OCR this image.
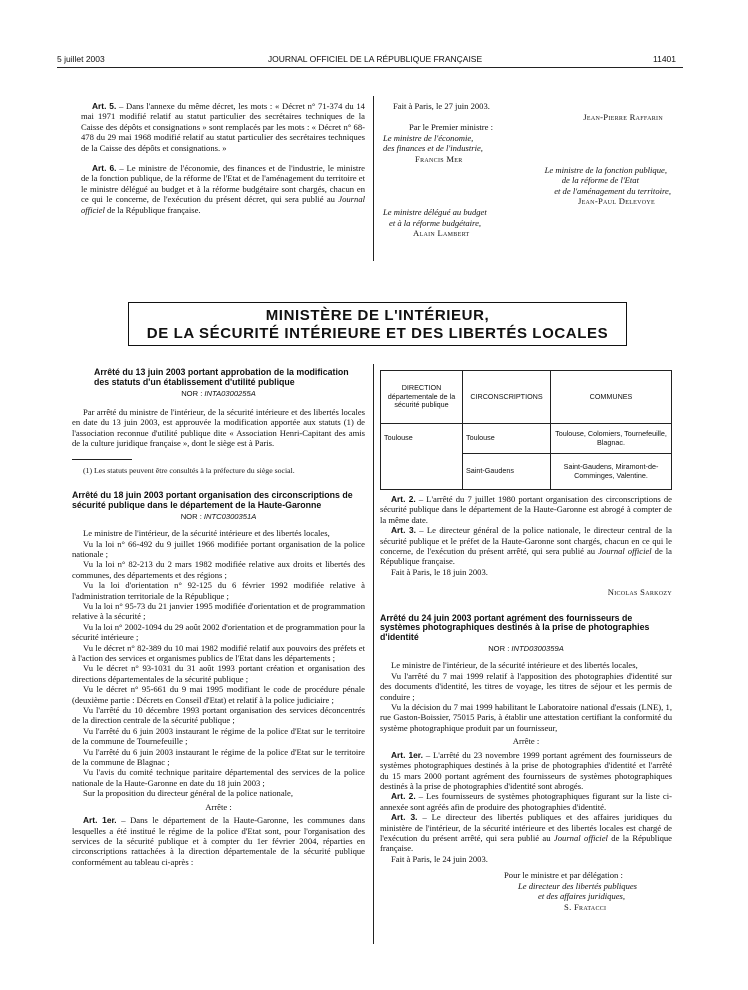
5 juillet 2003	JOURNAL OFFICIEL DE LA RÉPUBLIQUE FRANÇAISE	11401

Art. 5. – Dans l'annexe du même décret, les mots : « Décret n° 71-374 du 14 mai 1971 modifié relatif au statut particulier des secrétaires techniques de la Caisse des dépôts et consignations » sont remplacés par les mots : « Décret n° 68-478 du 29 mai 1968 modifié relatif au statut particulier des secrétaires techniques de la Caisse des dépôts et consignations. »

Art. 6. – Le ministre de l'économie, des finances et de l'industrie, le ministre de la fonction publique, de la réforme de l'Etat et de l'aménagement du territoire et le ministre délégué au budget et à la réforme budgétaire sont chargés, chacun en ce qui le concerne, de l'exécution du présent décret, qui sera publié au Journal officiel de la République française.

Fait à Paris, le 27 juin 2003.
Jean-Pierre Raffarin
Par le Premier ministre :
Le ministre de l'économie,
des finances et de l'industrie,
Francis Mer
Le ministre de la fonction publique,
de la réforme de l'Etat
et de l'aménagement du territoire,
Jean-Paul Delevoye
Le ministre délégué au budget
et à la réforme budgétaire,
Alain Lambert
MINISTÈRE DE L'INTÉRIEUR,
DE LA SÉCURITÉ INTÉRIEURE ET DES LIBERTÉS LOCALES
Arrêté du 13 juin 2003 portant approbation de la modification des statuts d'un établissement d'utilité publique
NOR : INTA0300255A

Par arrêté du ministre de l'intérieur, de la sécurité intérieure et des libertés locales en date du 13 juin 2003, est approuvée la modification apportée aux statuts (1) de l'association reconnue d'utilité publique dite « Association Henri-Capitant des amis de la culture juridique française », dont le siège est à Paris.

(1) Les statuts peuvent être consultés à la préfecture du siège social.

Arrêté du 18 juin 2003 portant organisation des circonscriptions de sécurité publique dans le département de la Haute-Garonne
NOR : INTC0300351A

Le ministre de l'intérieur, de la sécurité intérieure et des libertés locales,

Vu la loi n° 66-492 du 9 juillet 1966 modifiée portant organisation de la police nationale ;

Vu la loi n° 82-213 du 2 mars 1982 modifiée relative aux droits et libertés des communes, des départements et des régions ;

Vu la loi d'orientation n° 92-125 du 6 février 1992 modifiée relative à l'administration territoriale de la République ;

Vu la loi n° 95-73 du 21 janvier 1995 modifiée d'orientation et de programmation relative à la sécurité ;

Vu la loi n° 2002-1094 du 29 août 2002 d'orientation et de programmation pour la sécurité intérieure ;

Vu le décret n° 82-389 du 10 mai 1982 modifié relatif aux pouvoirs des préfets et à l'action des services et organismes publics de l'Etat dans les départements ;

Vu le décret n° 93-1031 du 31 août 1993 portant création et organisation des directions départementales de la sécurité publique ;

Vu le décret n° 95-661 du 9 mai 1995 modifiant le code de procédure pénale (deuxième partie : Décrets en Conseil d'Etat) et relatif à la police judiciaire ;

Vu l'arrêté du 10 décembre 1993 portant organisation des services déconcentrés de la direction centrale de la sécurité publique ;

Vu l'arrêté du 6 juin 2003 instaurant le régime de la police d'Etat sur le territoire de la commune de Tournefeuille ;

Vu l'arrêté du 6 juin 2003 instaurant le régime de la police d'Etat sur le territoire de la commune de Blagnac ;

Vu l'avis du comité technique paritaire départemental des services de la police nationale de la Haute-Garonne en date du 18 juin 2003 ;

Sur la proposition du directeur général de la police nationale,

Arrête :

Art. 1er. – Dans le département de la Haute-Garonne, les communes dans lesquelles a été institué le régime de la police d'Etat sont, pour l'organisation des services de la sécurité publique et à compter du 1er février 2004, réparties en circonscriptions rattachées à la direction départementale de la sécurité publique conformément au tableau ci-après :

DIRECTION départementale de la sécurité publique	CIRCONSCRIPTIONS	COMMUNES
Toulouse	Toulouse	Toulouse, Colomiers, Tournefeuille, Blagnac.
	Saint-Gaudens	Saint-Gaudens, Miramont-de-Comminges, Valentine.

Art. 2. – L'arrêté du 7 juillet 1980 portant organisation des circonscriptions de sécurité publique dans le département de la Haute-Garonne est abrogé à compter de la même date.

Art. 3. – Le directeur général de la police nationale, le directeur central de la sécurité publique et le préfet de la Haute-Garonne sont chargés, chacun en ce qui le concerne, de l'exécution du présent arrêté, qui sera publié au Journal officiel de la République française.

Fait à Paris, le 18 juin 2003.

Nicolas Sarkozy
Arrêté du 24 juin 2003 portant agrément des fournisseurs de systèmes photographiques destinés à la prise de photographies d'identité
NOR : INTD0300359A

Le ministre de l'intérieur, de la sécurité intérieure et des libertés locales,

Vu l'arrêté du 7 mai 1999 relatif à l'apposition des photographies d'identité sur des documents d'identité, les titres de voyage, les titres de séjour et les permis de conduire ;

Vu la décision du 7 mai 1999 habilitant le Laboratoire national d'essais (LNE), 1, rue Gaston-Boissier, 75015 Paris, à établir une attestation certifiant la conformité du système photographique produit par un fournisseur,

Arrête :

Art. 1er. – L'arrêté du 23 novembre 1999 portant agrément des fournisseurs de systèmes photographiques destinés à la prise de photographies d'identité et l'arrêté du 15 mars 2000 portant agrément des fournisseurs de systèmes photographiques destinés à la prise de photographies d'identité sont abrogés.

Art. 2. – Les fournisseurs de systèmes photographiques figurant sur la liste ci-annexée sont agréés afin de produire des photographies d'identité.

Art. 3. – Le directeur des libertés publiques et des affaires juridiques du ministère de l'intérieur, de la sécurité intérieure et des libertés locales est chargé de l'exécution du présent arrêté, qui sera publié au Journal officiel de la République française.

Fait à Paris, le 24 juin 2003.

Pour le ministre et par délégation :
Le directeur des libertés publiques
et des affaires juridiques,
S. Fratacci
